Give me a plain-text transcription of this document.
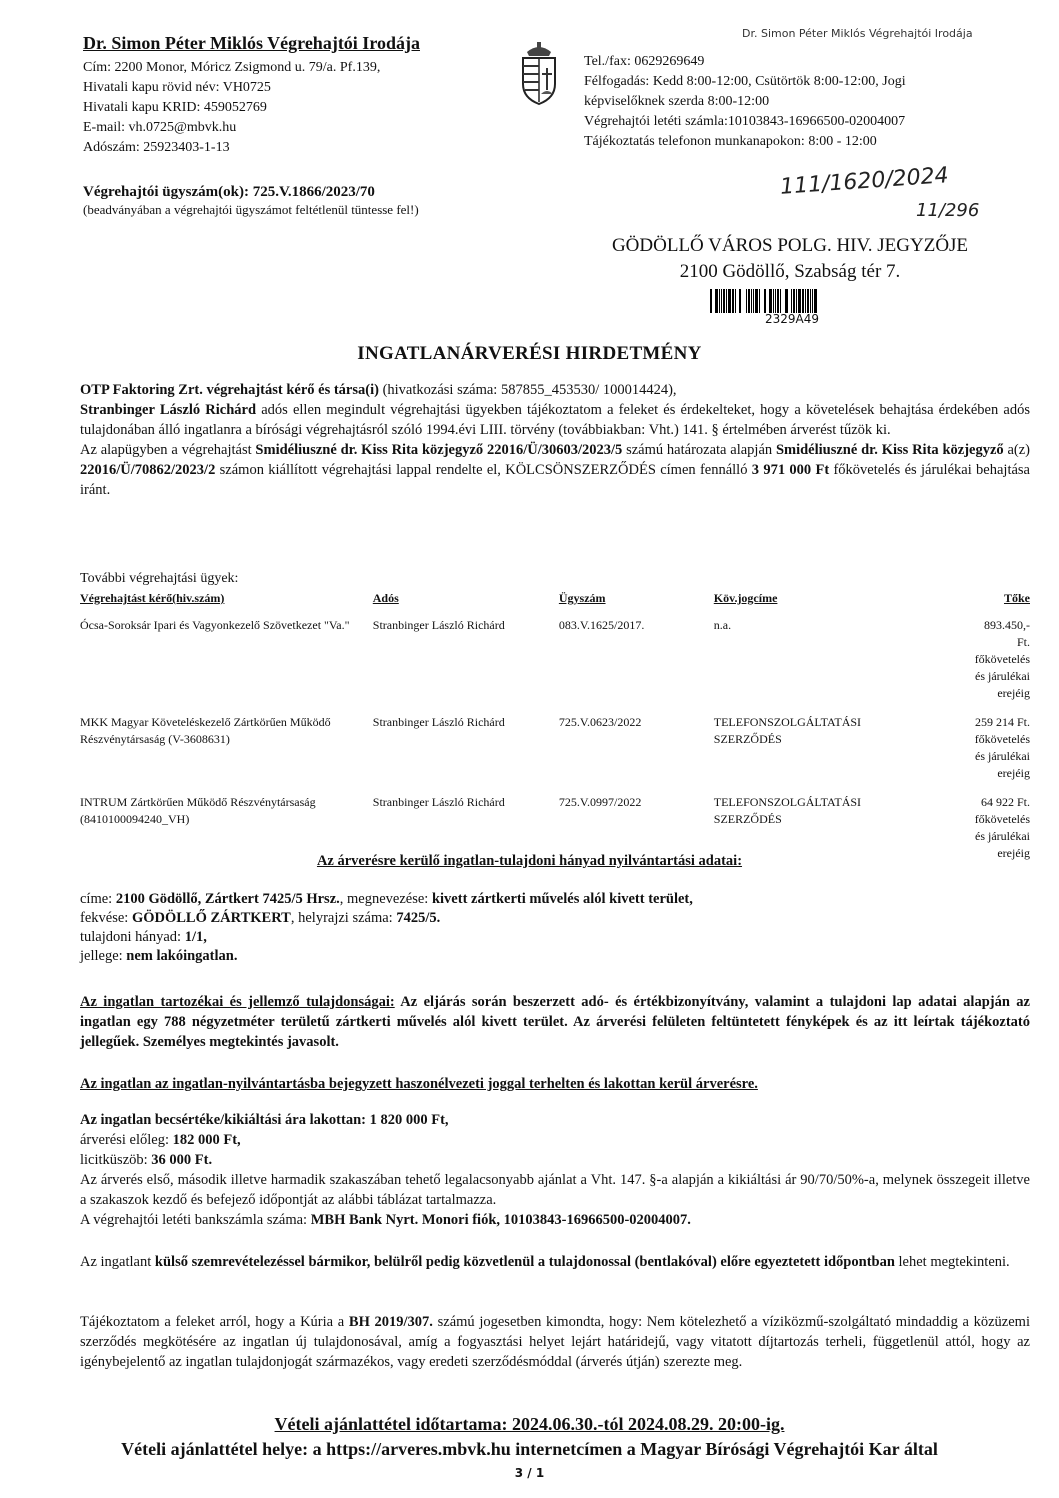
Dr. Simon Péter Miklós Végrehajtói Irodája
Cím: 2200 Monor, Móricz Zsigmond u. 79/a. Pf.139,
Hivatali kapu rövid név: VH0725
Hivatali kapu KRID: 459052769
E-mail: vh.0725@mbvk.hu
Adószám: 25923403-1-13
Dr. Simon Péter Miklós Végrehajtói Irodája
Tel./fax: 0629269649
Félfogadás: Kedd 8:00-12:00, Csütörtök 8:00-12:00, Jogi
képviselőknek szerda 8:00-12:00
Végrehajtói letéti számla:10103843-16966500-02004007
Tájékoztatás telefonon munkanapokon: 8:00 - 12:00
Végrehajtói ügyszám(ok): 725.V.1866/2023/70
(beadványában a végrehajtói ügyszámot feltétlenül tüntesse fel!)
111/1620/2024
11/296
GÖDÖLLŐ VÁROS POLG. HIV. JEGYZŐJE
2100 Gödöllő, Szabság tér 7.
2329A49
INGATLANÁRVERÉSI HIRDETMÉNY
OTP Faktoring Zrt. végrehajtást kérő és társa(i) (hivatkozási száma: 587855_453530/ 100014424),
Stranbinger László Richárd adós ellen megindult végrehajtási ügyekben tájékoztatom a feleket és érdekelteket, hogy a követelések behajtása érdekében adós tulajdonában álló ingatlanra a bírósági végrehajtásról szóló 1994.évi LIII. törvény (továbbiakban: Vht.) 141. § értelmében árverést tűzök ki.
Az alapügyben a végrehajtást Smidéliuszné dr. Kiss Rita közjegyző 22016/Ü/30603/2023/5 számú határozata alapján Smidéliuszné dr. Kiss Rita közjegyző a(z) 22016/Ü/70862/2023/2 számon kiállított végrehajtási lappal rendelte el, KÖLCSÖNSZERZŐDÉS címen fennálló 3 971 000 Ft főkövetelés és járulékai behajtása iránt.
További végrehajtási ügyek:
Végrehajtást kérő(hiv.szám)	Adós	Ügyszám	Köv.jogcíme	Tőke
Ócsa-Soroksár Ipari és Vagyonkezelő Szövetkezet "Va."	Stranbinger László Richárd	083.V.1625/2017.	n.a.	893.450,-Ft. főkövetelés és járulékai erejéig
MKK Magyar Követeléskezelő Zártkörűen Működő Részvénytársaság (V-3608631)	Stranbinger László Richárd	725.V.0623/2022	TELEFONSZOLGÁLTATÁSI SZERZŐDÉS	259 214 Ft. főkövetelés és járulékai erejéig
INTRUM Zártkörűen Működő Részvénytársaság (8410100094240_VH)	Stranbinger László Richárd	725.V.0997/2022	TELEFONSZOLGÁLTATÁSI SZERZŐDÉS	64 922 Ft. főkövetelés és járulékai erejéig
Az árverésre kerülő ingatlan-tulajdoni hányad nyilvántartási adatai:
címe: 2100 Gödöllő, Zártkert 7425/5 Hrsz., megnevezése: kivett zártkerti művelés alól kivett terület,
fekvése: GÖDÖLLŐ ZÁRTKERT, helyrajzi száma: 7425/5.
tulajdoni hányad: 1/1,
jellege: nem lakóingatlan.
Az ingatlan tartozékai és jellemző tulajdonságai: Az eljárás során beszerzett adó- és értékbizonyítvány, valamint a tulajdoni lap adatai alapján az ingatlan egy 788 négyzetméter területű zártkerti művelés alól kivett terület. Az árverési felületen feltüntetett fényképek és az itt leírtak tájékoztató jellegűek. Személyes megtekintés javasolt.
Az ingatlan az ingatlan-nyilvántartásba bejegyzett haszonélvezeti joggal terhelten és lakottan kerül árverésre.
Az ingatlan becsértéke/kikiáltási ára lakottan: 1 820 000 Ft,
árverési előleg: 182 000 Ft,
licitküszöb: 36 000 Ft.
Az árverés első, második illetve harmadik szakaszában tehető legalacsonyabb ajánlat a Vht. 147. §-a alapján a kikiáltási ár 90/70/50%-a, melynek összegeit illetve a szakaszok kezdő és befejező időpontját az alábbi táblázat tartalmazza.
A végrehajtói letéti bankszámla száma: MBH Bank Nyrt. Monori fiók, 10103843-16966500-02004007.
Az ingatlant külső szemrevételezéssel bármikor, belülről pedig közvetlenül a tulajdonossal (bentlakóval) előre egyeztetett időpontban lehet megtekinteni.
Tájékoztatom a feleket arról, hogy a Kúria a BH 2019/307. számú jogesetben kimondta, hogy: Nem kötelezhető a víziközmű-szolgáltató mindaddig a közüzemi szerződés megkötésére az ingatlan új tulajdonosával, amíg a fogyasztási helyet lejárt határidejű, vagy vitatott díjtartozás terheli, függetlenül attól, hogy az igénybejelentő az ingatlan tulajdonjogát származékos, vagy eredeti szerződésmóddal (árverés útján) szerezte meg.
Vételi ajánlattétel időtartama: 2024.06.30.-tól 2024.08.29. 20:00-ig.
Vételi ajánlattétel helye: a https://arveres.mbvk.hu internetcímen a Magyar Bírósági Végrehajtói Kar által
3 / 1
